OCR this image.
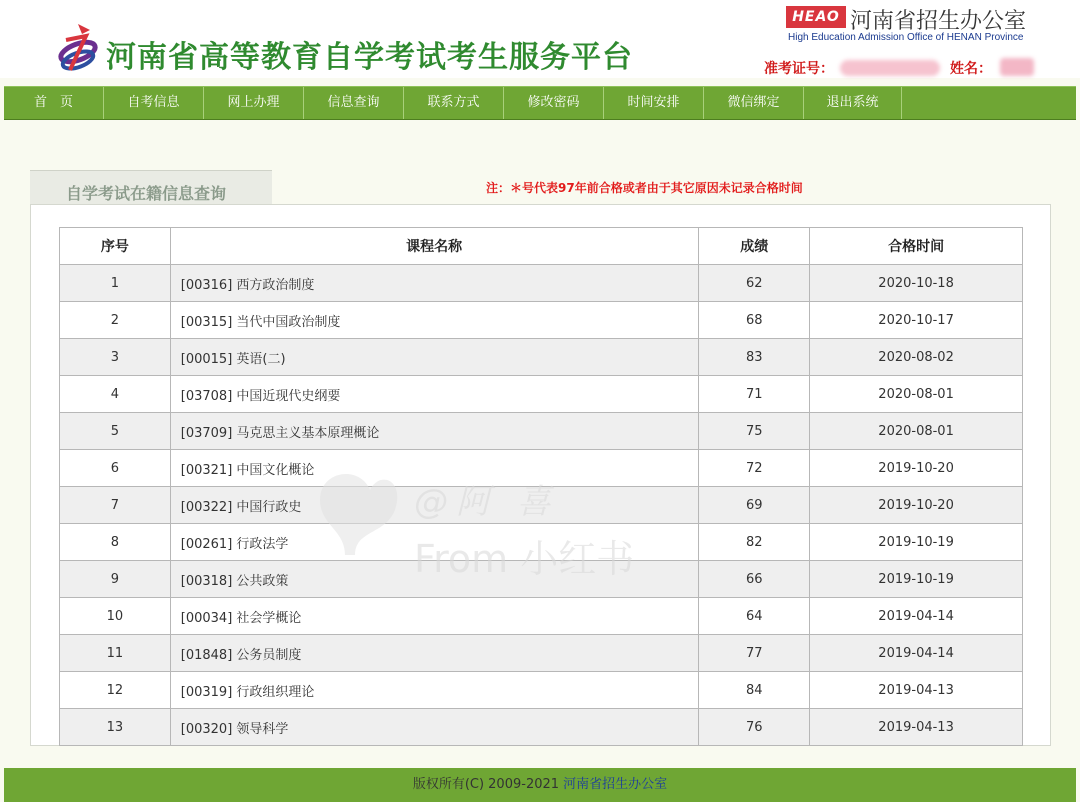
河南省高等教育自学考试考生服务平台
HEAO 河南省招生办公室
High Education Admission Office of HENAN Province
准考证号：	姓名：
首　页	自考信息	网上办理	信息查询	联系方式	修改密码	时间安排	微信绑定	退出系统
自学考试在籍信息查询	注：＊号代表97年前合格或者由于其它原因未记录合格时间
序号	课程名称	成绩	合格时间
1	[00316] 西方政治制度	62	2020-10-18
2	[00315] 当代中国政治制度	68	2020-10-17
3	[00015] 英语(二)	83	2020-08-02
4	[03708] 中国近现代史纲要	71	2020-08-01
5	[03709] 马克思主义基本原理概论	75	2020-08-01
6	[00321] 中国文化概论	72	2019-10-20
7	[00322] 中国行政史	69	2019-10-20
8	[00261] 行政法学	82	2019-10-19
9	[00318] 公共政策	66	2019-10-19
10	[00034] 社会学概论	64	2019-04-14
11	[01848] 公务员制度	77	2019-04-14
12	[00319] 行政组织理论	84	2019-04-13
13	[00320] 领导科学	76	2019-04-13
@阿 喜
From 小红书
版权所有(C) 2009-2021 河南省招生办公室
